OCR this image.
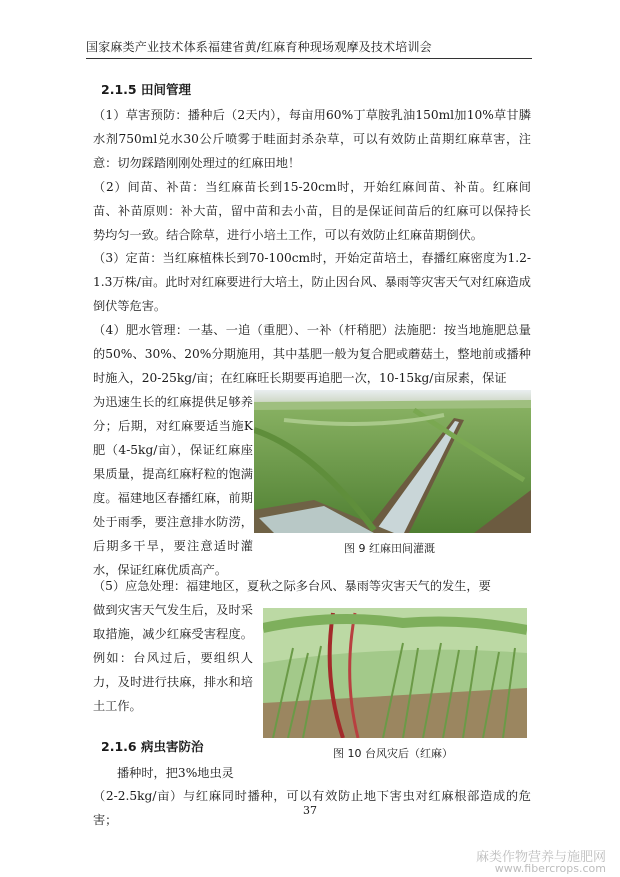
国家麻类产业技术体系福建省黄/红麻育种现场观摩及技术培训会
2.1.5 田间管理
（1）草害预防：播种后（2天内），每亩用60%丁草胺乳油150ml加10%草甘膦水剂750ml兑水30公斤喷雾于畦面封杀杂草，可以有效防止苗期红麻草害，注意：切勿踩踏刚刚处理过的红麻田地！
（2）间苗、补苗：当红麻苗长到15-20cm时，开始红麻间苗、补苗。红麻间苗、补苗原则：补大苗，留中苗和去小苗，目的是保证间苗后的红麻可以保持长势均匀一致。结合除草，进行小培土工作，可以有效防止红麻苗期倒伏。
（3）定苗：当红麻植株长到70-100cm时，开始定苗培土，春播红麻密度为1.2-1.3万株/亩。此时对红麻要进行大培土，防止因台风、暴雨等灾害天气对红麻造成倒伏等危害。
（4）肥水管理：一基、一追（重肥）、一补（杆稍肥）法施肥：按当地施肥总量的50%、30%、20%分期施用，其中基肥一般为复合肥或蘑菇土，整地前或播种时施入，20-25kg/亩；在红麻旺长期要再追肥一次，10-15kg/亩尿素，保证
为迅速生长的红麻提供足够养分；后期，对红麻要适当施K肥（4-5kg/亩），保证红麻座果质量，提高红麻籽粒的饱满度。福建地区春播红麻，前期处于雨季，要注意排水防涝，后期多干旱，要注意适时灌水，保证红麻优质高产。
图 9 红麻田间灌溉
（5）应急处理：福建地区，夏秋之际多台风、暴雨等灾害天气的发生，要
做到灾害天气发生后，及时采取措施，减少红麻受害程度。例如：台风过后，要组织人力，及时进行扶麻，排水和培土工作。
图 10 台风灾后（红麻）
2.1.6 病虫害防治
播种时，把3%地虫灵
（2-2.5kg/亩）与红麻同时播种，可以有效防止地下害虫对红麻根部造成的危害；
37
麻类作物营养与施肥网
www.fibercrops.com
